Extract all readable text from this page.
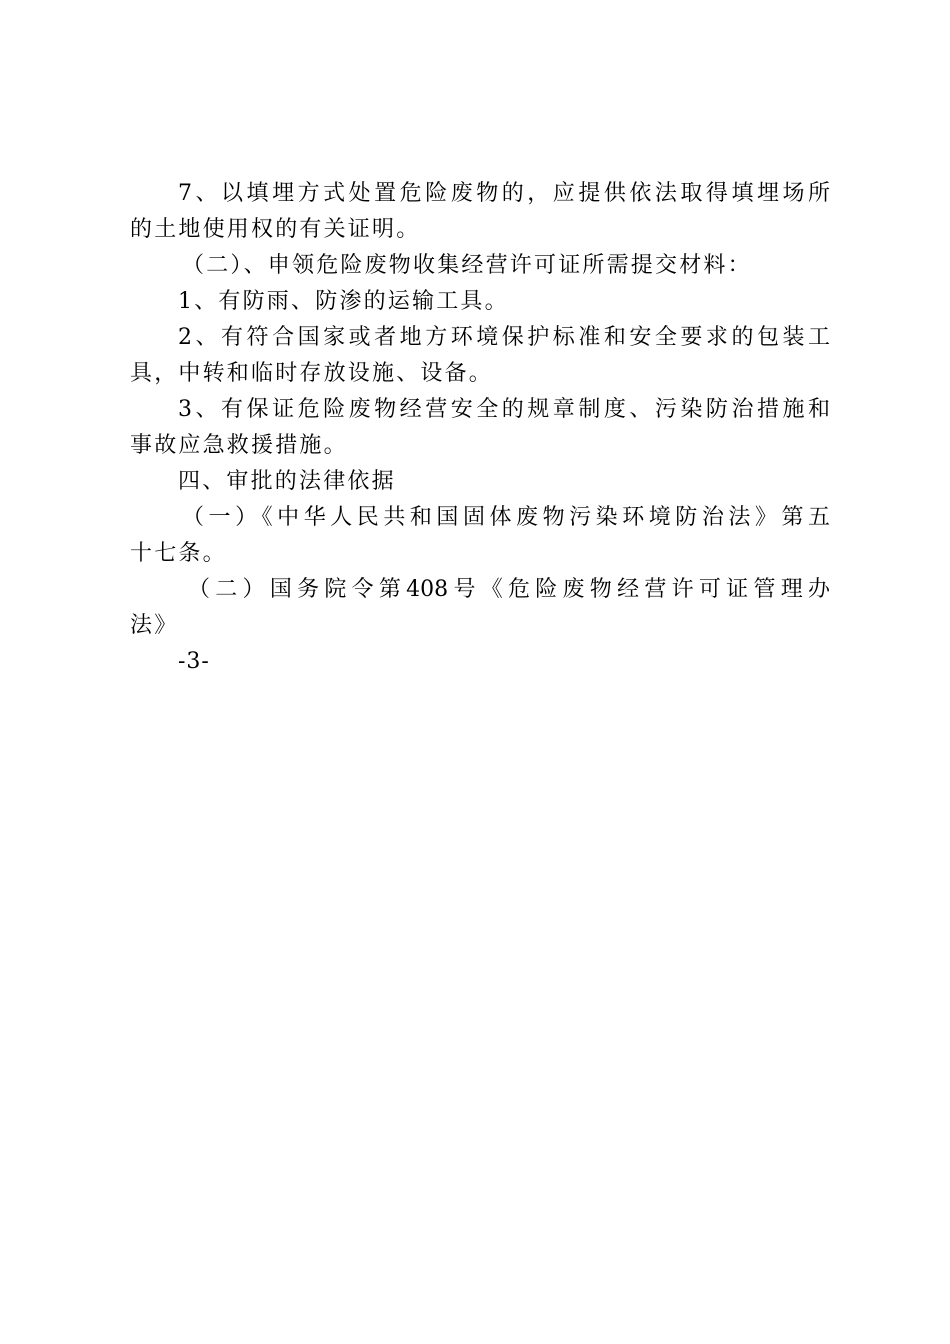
7、以填埋方式处置危险废物的，应提供依法取得填埋场所
的土地使用权的有关证明。
（二）、申领危险废物收集经营许可证所需提交材料：
1、有防雨、防渗的运输工具。
2、有符合国家或者地方环境保护标准和安全要求的包装工
具，中转和临时存放设施、设备。
3、有保证危险废物经营安全的规章制度、污染防治措施和
事故应急救援措施。
四、审批的法律依据
（一）《中华人民共和国固体废物污染环境防治法》第五
十七条。
（二）国务院令第408号《危险废物经营许可证管理办
法》
-3-
